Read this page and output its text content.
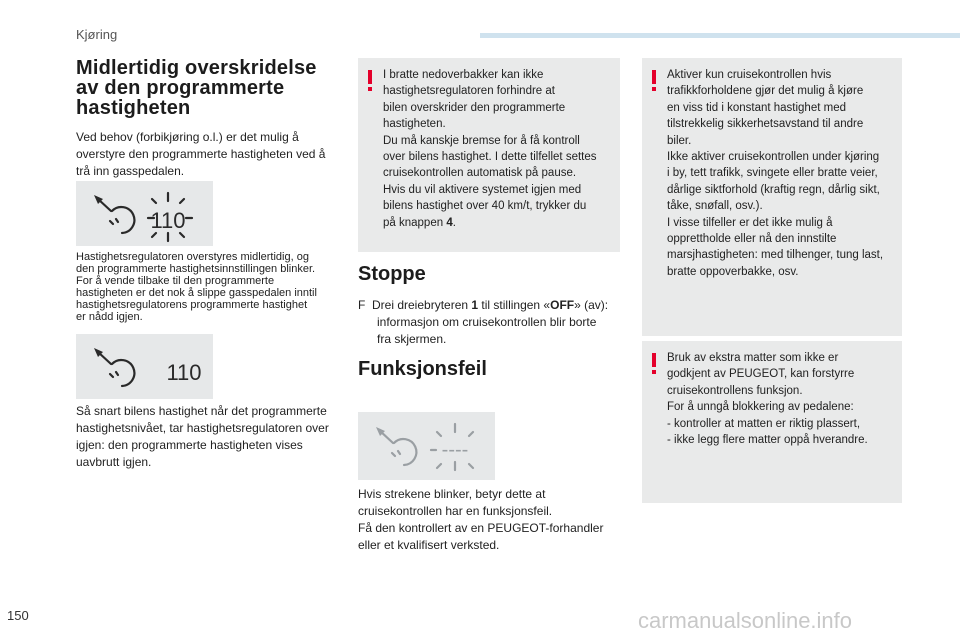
Kjøring
Midlertidig overskridelse
av den programmerte
hastigheten
Ved behov (forbikjøring o.l.) er det mulig å
overstyre den programmerte hastigheten ved å
trå inn gasspedalen.
110
Hastighetsregulatoren overstyres midlertidig, og
den programmerte hastighetsinnstillingen blinker.
For å vende tilbake til den programmerte
hastigheten er det nok å slippe gasspedalen inntil
hastighetsregulatorens programmerte hastighet
er nådd igjen.
110
Så snart bilens hastighet når det programmerte
hastighetsnivået, tar hastighetsregulatoren over
igjen: den programmerte hastigheten vises
uavbrutt igjen.
I bratte nedoverbakker kan ikke
hastighetsregulatoren forhindre at
bilen overskrider den programmerte
hastigheten.
Du må kanskje bremse for å få kontroll
over bilens hastighet. I dette tilfellet settes
cruisekontrollen automatisk på pause.
Hvis du vil aktivere systemet igjen med
bilens hastighet over 40 km/t, trykker du
på knappen 4.
Stoppe
F Drei dreiebryteren 1 til stillingen «OFF» (av):
informasjon om cruisekontrollen blir borte
fra skjermen.
Funksjonsfeil
----
Hvis strekene blinker, betyr dette at
cruisekontrollen har en funksjonsfeil.
Få den kontrollert av en PEUGEOT-forhandler
eller et kvalifisert verksted.
Aktiver kun cruisekontrollen hvis
trafikkforholdene gjør det mulig å kjøre
en viss tid i konstant hastighet med
tilstrekkelig sikkerhetsavstand til andre
biler.
Ikke aktiver cruisekontrollen under kjøring
i by, tett trafikk, svingete eller bratte veier,
dårlige siktforhold (kraftig regn, dårlig sikt,
tåke, snøfall, osv.).
I visse tilfeller er det ikke mulig å
opprettholde eller nå den innstilte
marsjhastigheten: med tilhenger, tung last,
bratte oppoverbakke, osv.
Bruk av ekstra matter som ikke er
godkjent av PEUGEOT, kan forstyrre
cruisekontrollens funksjon.
For å unngå blokkering av pedalene:
- kontroller at matten er riktig plassert,
- ikke legg flere matter oppå hverandre.
150	carmanualsonline.info
